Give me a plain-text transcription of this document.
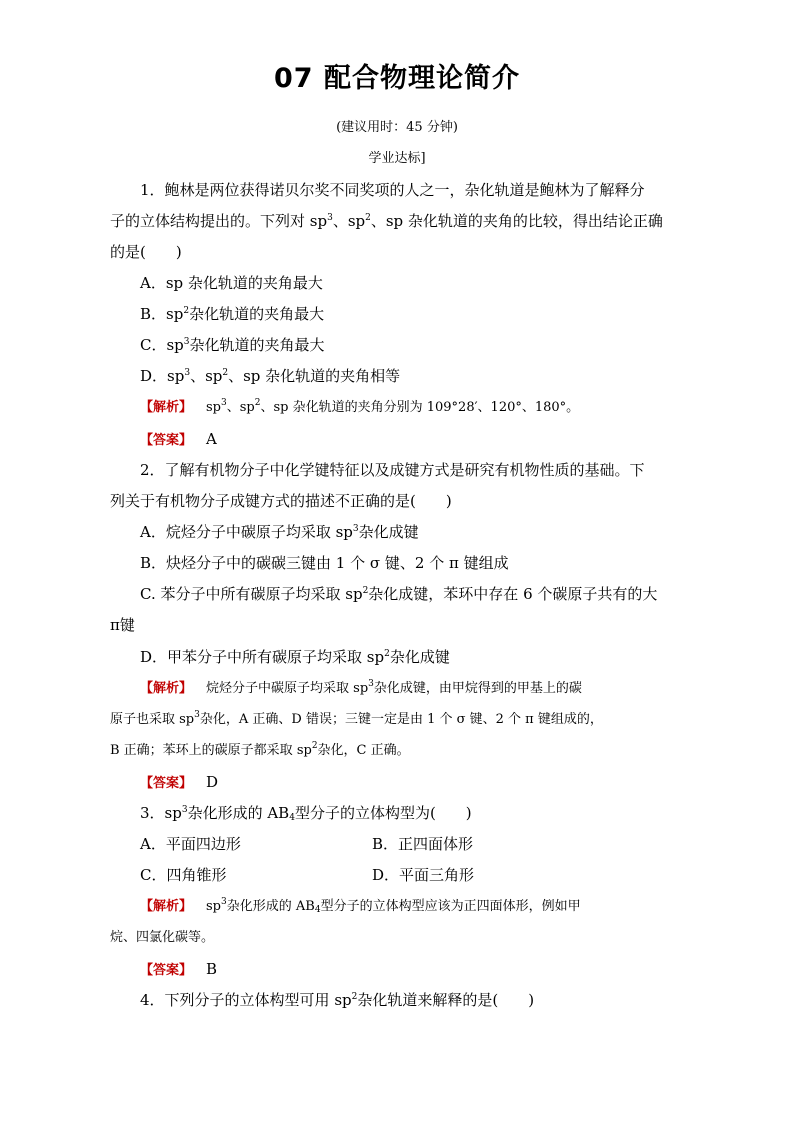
07 配合物理论简介
(建议用时：45 分钟)
学业达标]
1．鲍林是两位获得诺贝尔奖不同奖项的人之一，杂化轨道是鲍林为了解释分
子的立体结构提出的。下列对 $sp^3$、$sp^2$、sp 杂化轨道的夹角的比较，得出结论正确
的是(　　)
A．sp 杂化轨道的夹角最大
B．$sp^2$杂化轨道的夹角最大
C．$sp^3$杂化轨道的夹角最大
D．$sp^3$、$sp^2$、sp 杂化轨道的夹角相等
【解析】 $sp^3$、$sp^2$、sp 杂化轨道的夹角分别为 109°28′、120°、180°。
【答案】 A
2．了解有机物分子中化学键特征以及成键方式是研究有机物性质的基础。下
列关于有机物分子成键方式的描述不正确的是(　　)
A．烷烃分子中碳原子均采取 $sp^3$杂化成键
B．炔烃分子中的碳碳三键由 1 个 σ 键、2 个 π 键组成
C. 苯分子中所有碳原子均采取 $sp^2$杂化成键，苯环中存在 6 个碳原子共有的大
π键
D．甲苯分子中所有碳原子均采取 $sp^2$杂化成键
【解析】 烷烃分子中碳原子均采取 $sp^3$杂化成键，由甲烷得到的甲基上的碳
原子也采取 $sp^3$杂化，A 正确、D 错误；三键一定是由 1 个 σ 键、2 个 π 键组成的，
B 正确；苯环上的碳原子都采取 $sp^2$杂化，C 正确。
【答案】 D
3．$sp^3$杂化形成的 $AB_4$型分子的立体构型为(　　)
A．平面四边形	B．正四面体形
C．四角锥形	D．平面三角形
【解析】 $sp^3$杂化形成的 $AB_4$型分子的立体构型应该为正四面体形，例如甲
烷、四氯化碳等。
【答案】 B
4．下列分子的立体构型可用 $sp^2$杂化轨道来解释的是(　　)
